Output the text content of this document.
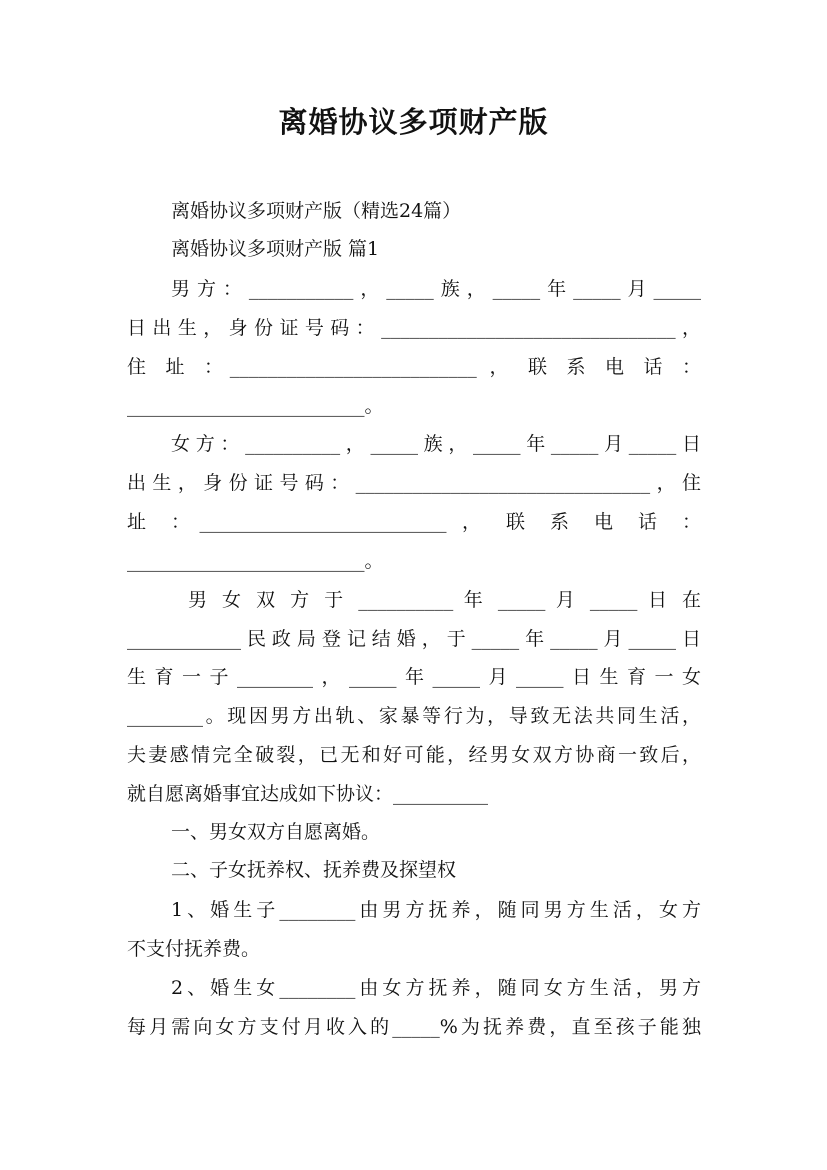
离婚协议多项财产版
离婚协议多项财产版（精选24篇）
离婚协议多项财产版 篇1
男方：___________，_____族，_____年_____月_____
日出生，身份证号码：_______________________________，
住 址 ：__________________________ ， 联 系 电 话 ：
_________________________。
女方：__________，_____族，_____年_____月_____日
出生，身份证号码：_______________________________，住
址 ：__________________________ ， 联 系 电 话 ：
_________________________。
男 女 双 方 于 __________ 年 _____ 月 _____ 日 在
____________民政局登记结婚，于_____年_____月_____日
生育一子________，_____年_____月_____日生育一女
________。现因男方出轨、家暴等行为，导致无法共同生活，
夫妻感情完全破裂，已无和好可能，经男女双方协商一致后，
就自愿离婚事宜达成如下协议：__________
一、男女双方自愿离婚。
二、子女抚养权、抚养费及探望权
1、婚生子________由男方抚养，随同男方生活，女方
不支付抚养费。
2、婚生女________由女方抚养，随同女方生活，男方
每月需向女方支付月收入的_____%为抚养费，直至孩子能独
